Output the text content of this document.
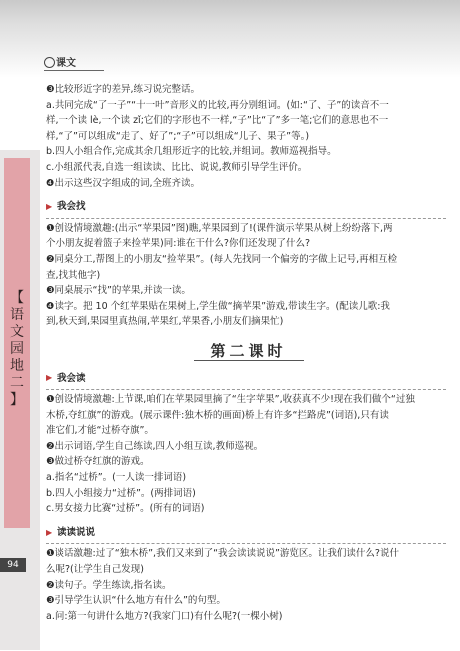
课文
【
语
文
园
地
二
】
94

❸比较形近字的差异,练习说完整话。

a.共同完成“了一子”“十一叶”音形义的比较,再分别组词。(如:“了、子”的读音不一

样,一个读 lè,一个读 zǐ;它们的字形也不一样,“子”比“了”多一笔;它们的意思也不一

样,“了”可以组成“走了、好了”;“子”可以组成“儿子、果子”等。)

b.四人小组合作,完成其余几组形近字的比较,并组词。教师巡视指导。

c.小组派代表,自选一组读读、比比、说说,教师引导学生评价。

❹出示这些汉字组成的词,全班齐读。

▶ 我会找

❶创设情境激趣:(出示“苹果园”图)瞧,苹果园到了!(课件演示苹果从树上纷纷落下,两

个小朋友捉着篮子来捡苹果)同:谁在干什么?你们还发现了什么?

❷同桌分工,帮图上的小朋友“捡苹果”。(每人先找同一个偏旁的字做上记号,再相互检

查,找其他字)

❸同桌展示“找”的苹果,并读一读。

❹读字。把 10 个红苹果贴在果树上,学生做“摘苹果”游戏,带读生字。(配读儿歌:我

到,秋天到,果园里真热闹,苹果红,苹果香,小朋友们摘果忙)

第二课时
▶ 我会读

❶创设情境激趣:上节课,咱们在苹果园里摘了“生字苹果”,收获真不少!现在我们做个“过独

木桥,夺红旗”的游戏。(展示课件:独木桥的画面)桥上有许多“拦路虎”(词语),只有读

准它们,才能“过桥夺旗”。

❷出示词语,学生自己练读,四人小组互读,教师巡视。

❸做过桥夺红旗的游戏。

a.指名“过桥”。(一人读一排词语)

b.四人小组接力“过桥”。(两排词语)

c.男女接力比赛“过桥”。(所有的词语)

▶ 读读说说

❶谈话激趣:过了“独木桥”,我们又来到了“我会读读说说”游览区。让我们读什么?说什

么呢?(让学生自己发现)

❷读句子。学生练读,指名读。

❸引导学生认识“什么地方有什么”的句型。

a.问:第一句讲什么地方?(我家门口)有什么呢?(一棵小树)
